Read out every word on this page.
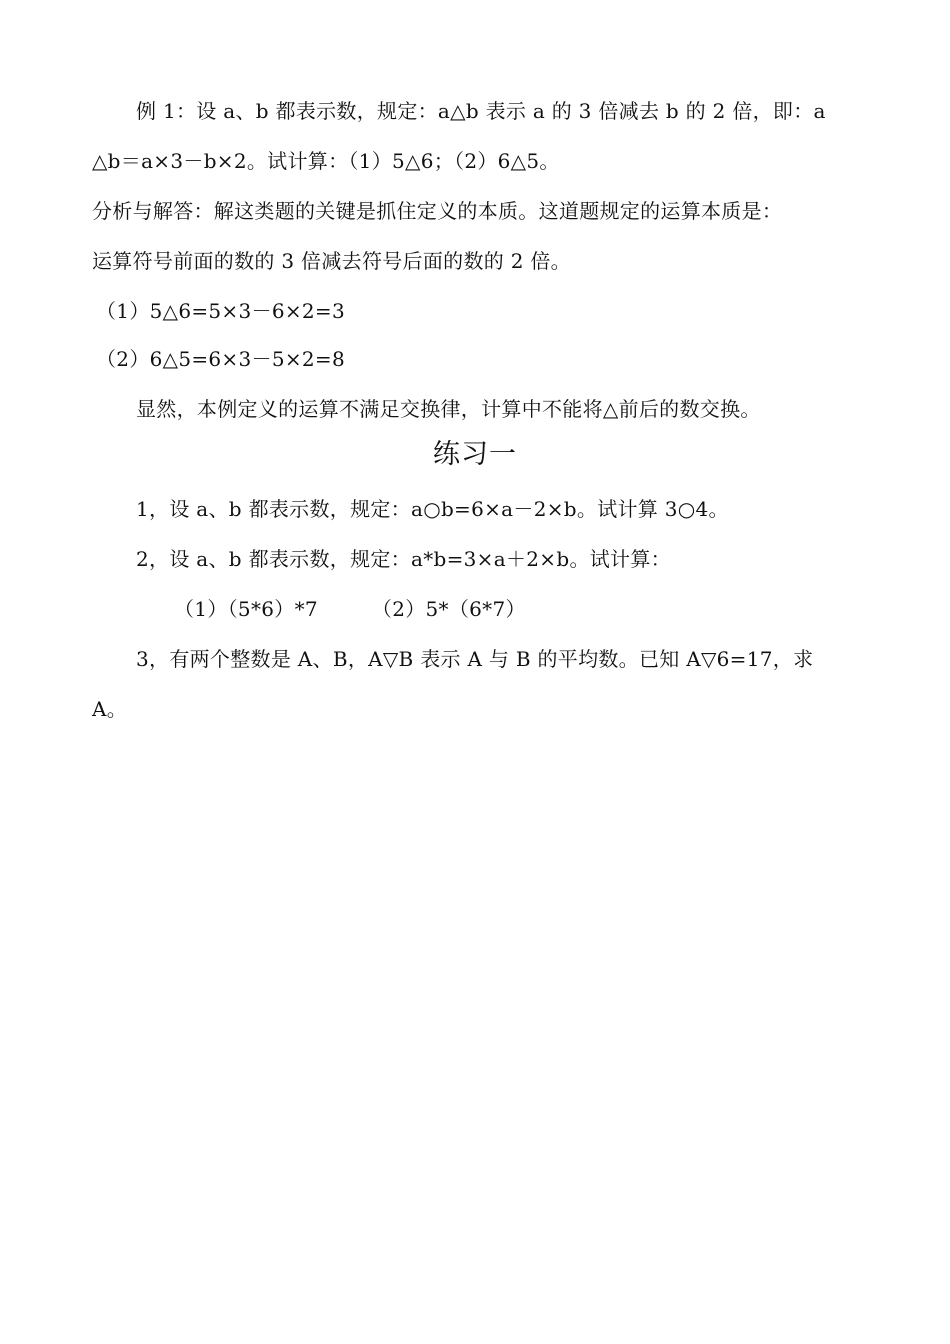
例 1：设 a、b 都表示数，规定：a△b 表示 a 的 3 倍减去 b 的 2 倍，即：a
△b＝a×3－b×2。试计算：（1）5△6；（2）6△5。
分析与解答：解这类题的关键是抓住定义的本质。这道题规定的运算本质是：
运算符号前面的数的 3 倍减去符号后面的数的 2 倍。
（1）5△6=5×3－6×2=3
（2）6△5=6×3－5×2=8
显然，本例定义的运算不满足交换律，计算中不能将△前后的数交换。
练习一
1，设 a、b 都表示数，规定：a○b=6×a－2×b。试计算 3○4。
2，设 a、b 都表示数，规定：a*b=3×a＋2×b。试计算：
（1）（5*6）*7	（2）5*（6*7）
3，有两个整数是 A、B，A▽B 表示 A 与 B 的平均数。已知 A▽6=17，求
A。
